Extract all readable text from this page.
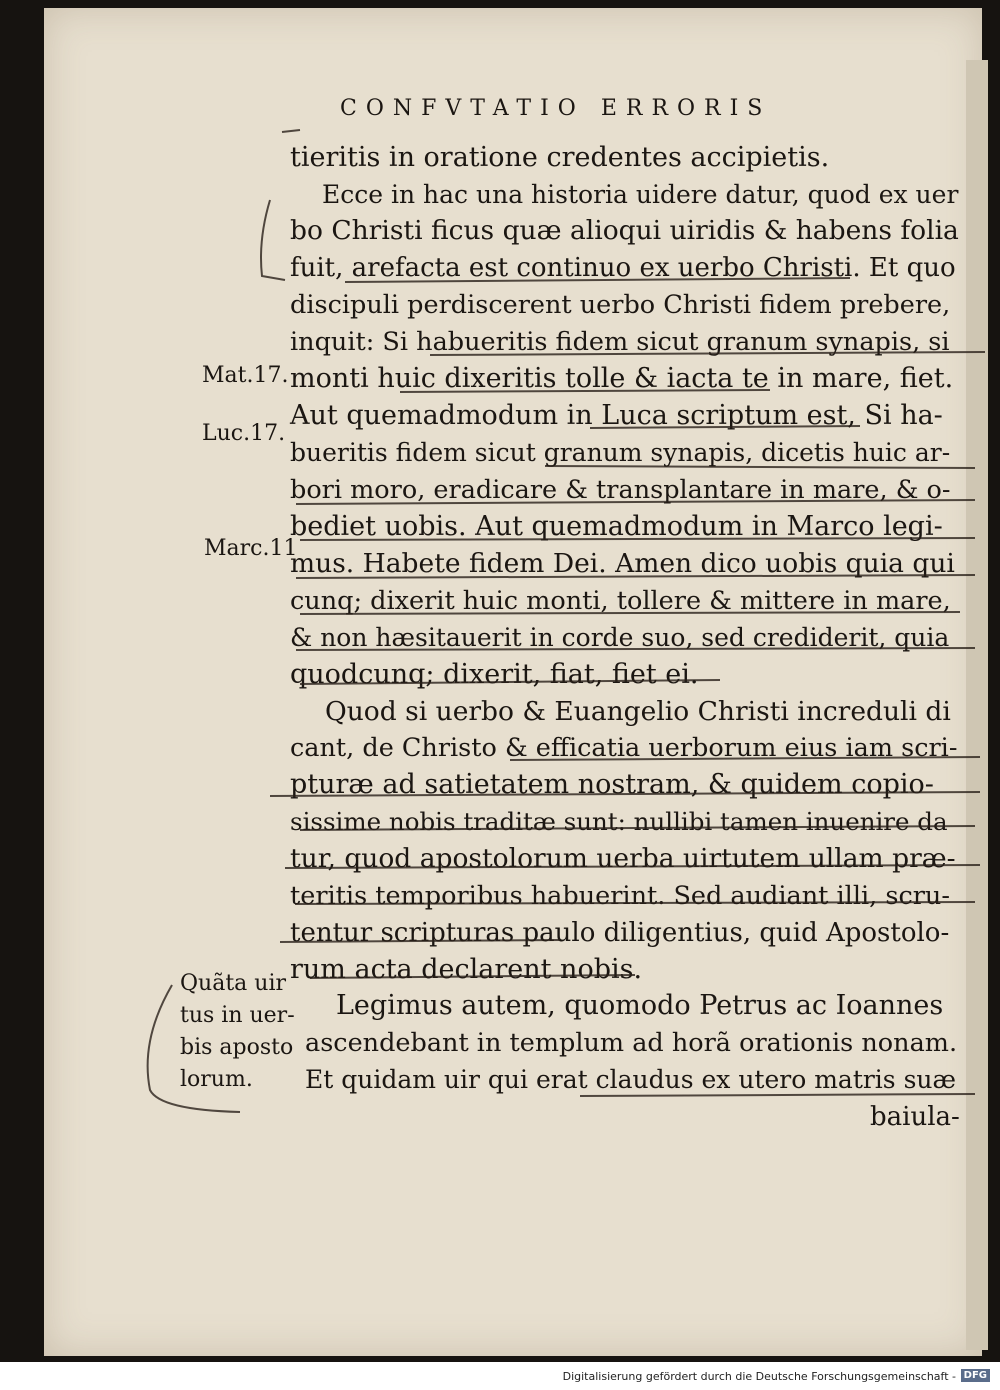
CONFVTATIO ERRORIS
tieritis in oratione credentes accipietis.
Ecce in hac una historia uidere datur, quod ex uer
bo Christi ficus quæ alioqui uiridis & habens folia
fuit, arefacta est continuo ex uerbo Christi. Et quo
discipuli perdiscerent uerbo Christi fidem prebere,
inquit: Si habueritis fidem sicut granum synapis, si
monti huic dixeritis tolle & iacta te in mare, fiet.
Aut quemadmodum in Luca scriptum est, Si ha-
bueritis fidem sicut granum synapis, dicetis huic ar-
bori moro, eradicare & transplantare in mare, & o-
bediet uobis. Aut quemadmodum in Marco legi-
mus. Habete fidem Dei. Amen dico uobis quia qui
cunq; dixerit huic monti, tollere & mittere in mare,
& non hæsitauerit in corde suo, sed crediderit, quia
quodcunq; dixerit, fiat, fiet ei.
Quod si uerbo & Euangelio Christi increduli di
cant, de Christo & efficatia uerborum eius iam scri-
pturæ ad satietatem nostram, & quidem copio-
sissime nobis traditæ sunt: nullibi tamen inuenire da
tur, quod apostolorum uerba uirtutem ullam præ-
teritis temporibus habuerint. Sed audiant illi, scru-
tentur scripturas paulo diligentius, quid Apostolo-
rum acta declarent nobis.
Legimus autem, quomodo Petrus ac Ioannes
ascendebant in templum ad horã orationis nonam.
Et quidam uir qui erat claudus ex utero matris suæ
baiula-
Mat.17.
Luc.17.
Marc.11
Quãta uir
tus in uer-
bis aposto
lorum.
Digitalisierung gefördert durch die Deutsche Forschungsgemeinschaft - DFG
